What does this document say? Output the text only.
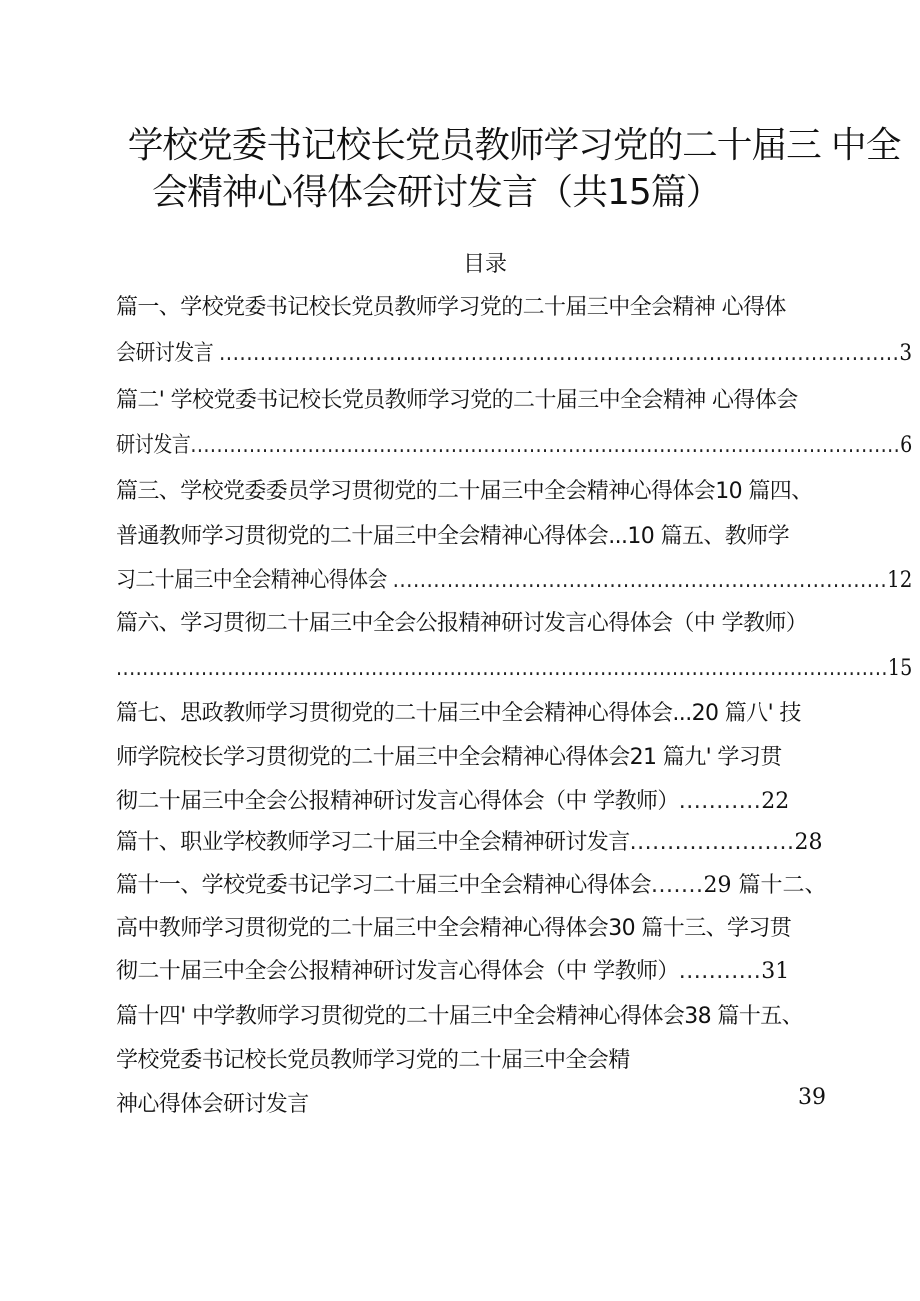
学校党委书记校长党员教师学习党的二十届三 中全
会精神心得体会研讨发言（共15篇）
目录
篇一、学校党委书记校长党员教师学习党的二十届三中全会精神 心得体
会研讨发言 ....................................................................................................3
篇二' 学校党委书记校长党员教师学习党的二十届三中全会精神 心得体会
研讨发言.............................................................................................................6
篇三、学校党委委员学习贯彻党的二十届三中全会精神心得体会10 篇四、
普通教师学习贯彻党的二十届三中全会精神心得体会...10 篇五、教师学
习二十届三中全会精神心得体会 .........................................................................12
篇六、学习贯彻二十届三中全会公报精神研讨发言心得体会（中 学教师）
......................................................................................................................15
篇七、思政教师学习贯彻党的二十届三中全会精神心得体会...20 篇八' 技
师学院校长学习贯彻党的二十届三中全会精神心得体会21 篇九' 学习贯
彻二十届三中全会公报精神研讨发言心得体会（中 学教师）...........22
篇十、职业学校教师学习二十届三中全会精神研讨发言......................28
篇十一、学校党委书记学习二十届三中全会精神心得体会.......29 篇十二、
高中教师学习贯彻党的二十届三中全会精神心得体会30 篇十三、学习贯
彻二十届三中全会公报精神研讨发言心得体会（中 学教师）...........31
篇十四' 中学教师学习贯彻党的二十届三中全会精神心得体会38 篇十五、
学校党委书记校长党员教师学习党的二十届三中全会精
神心得体会研讨发言	39
